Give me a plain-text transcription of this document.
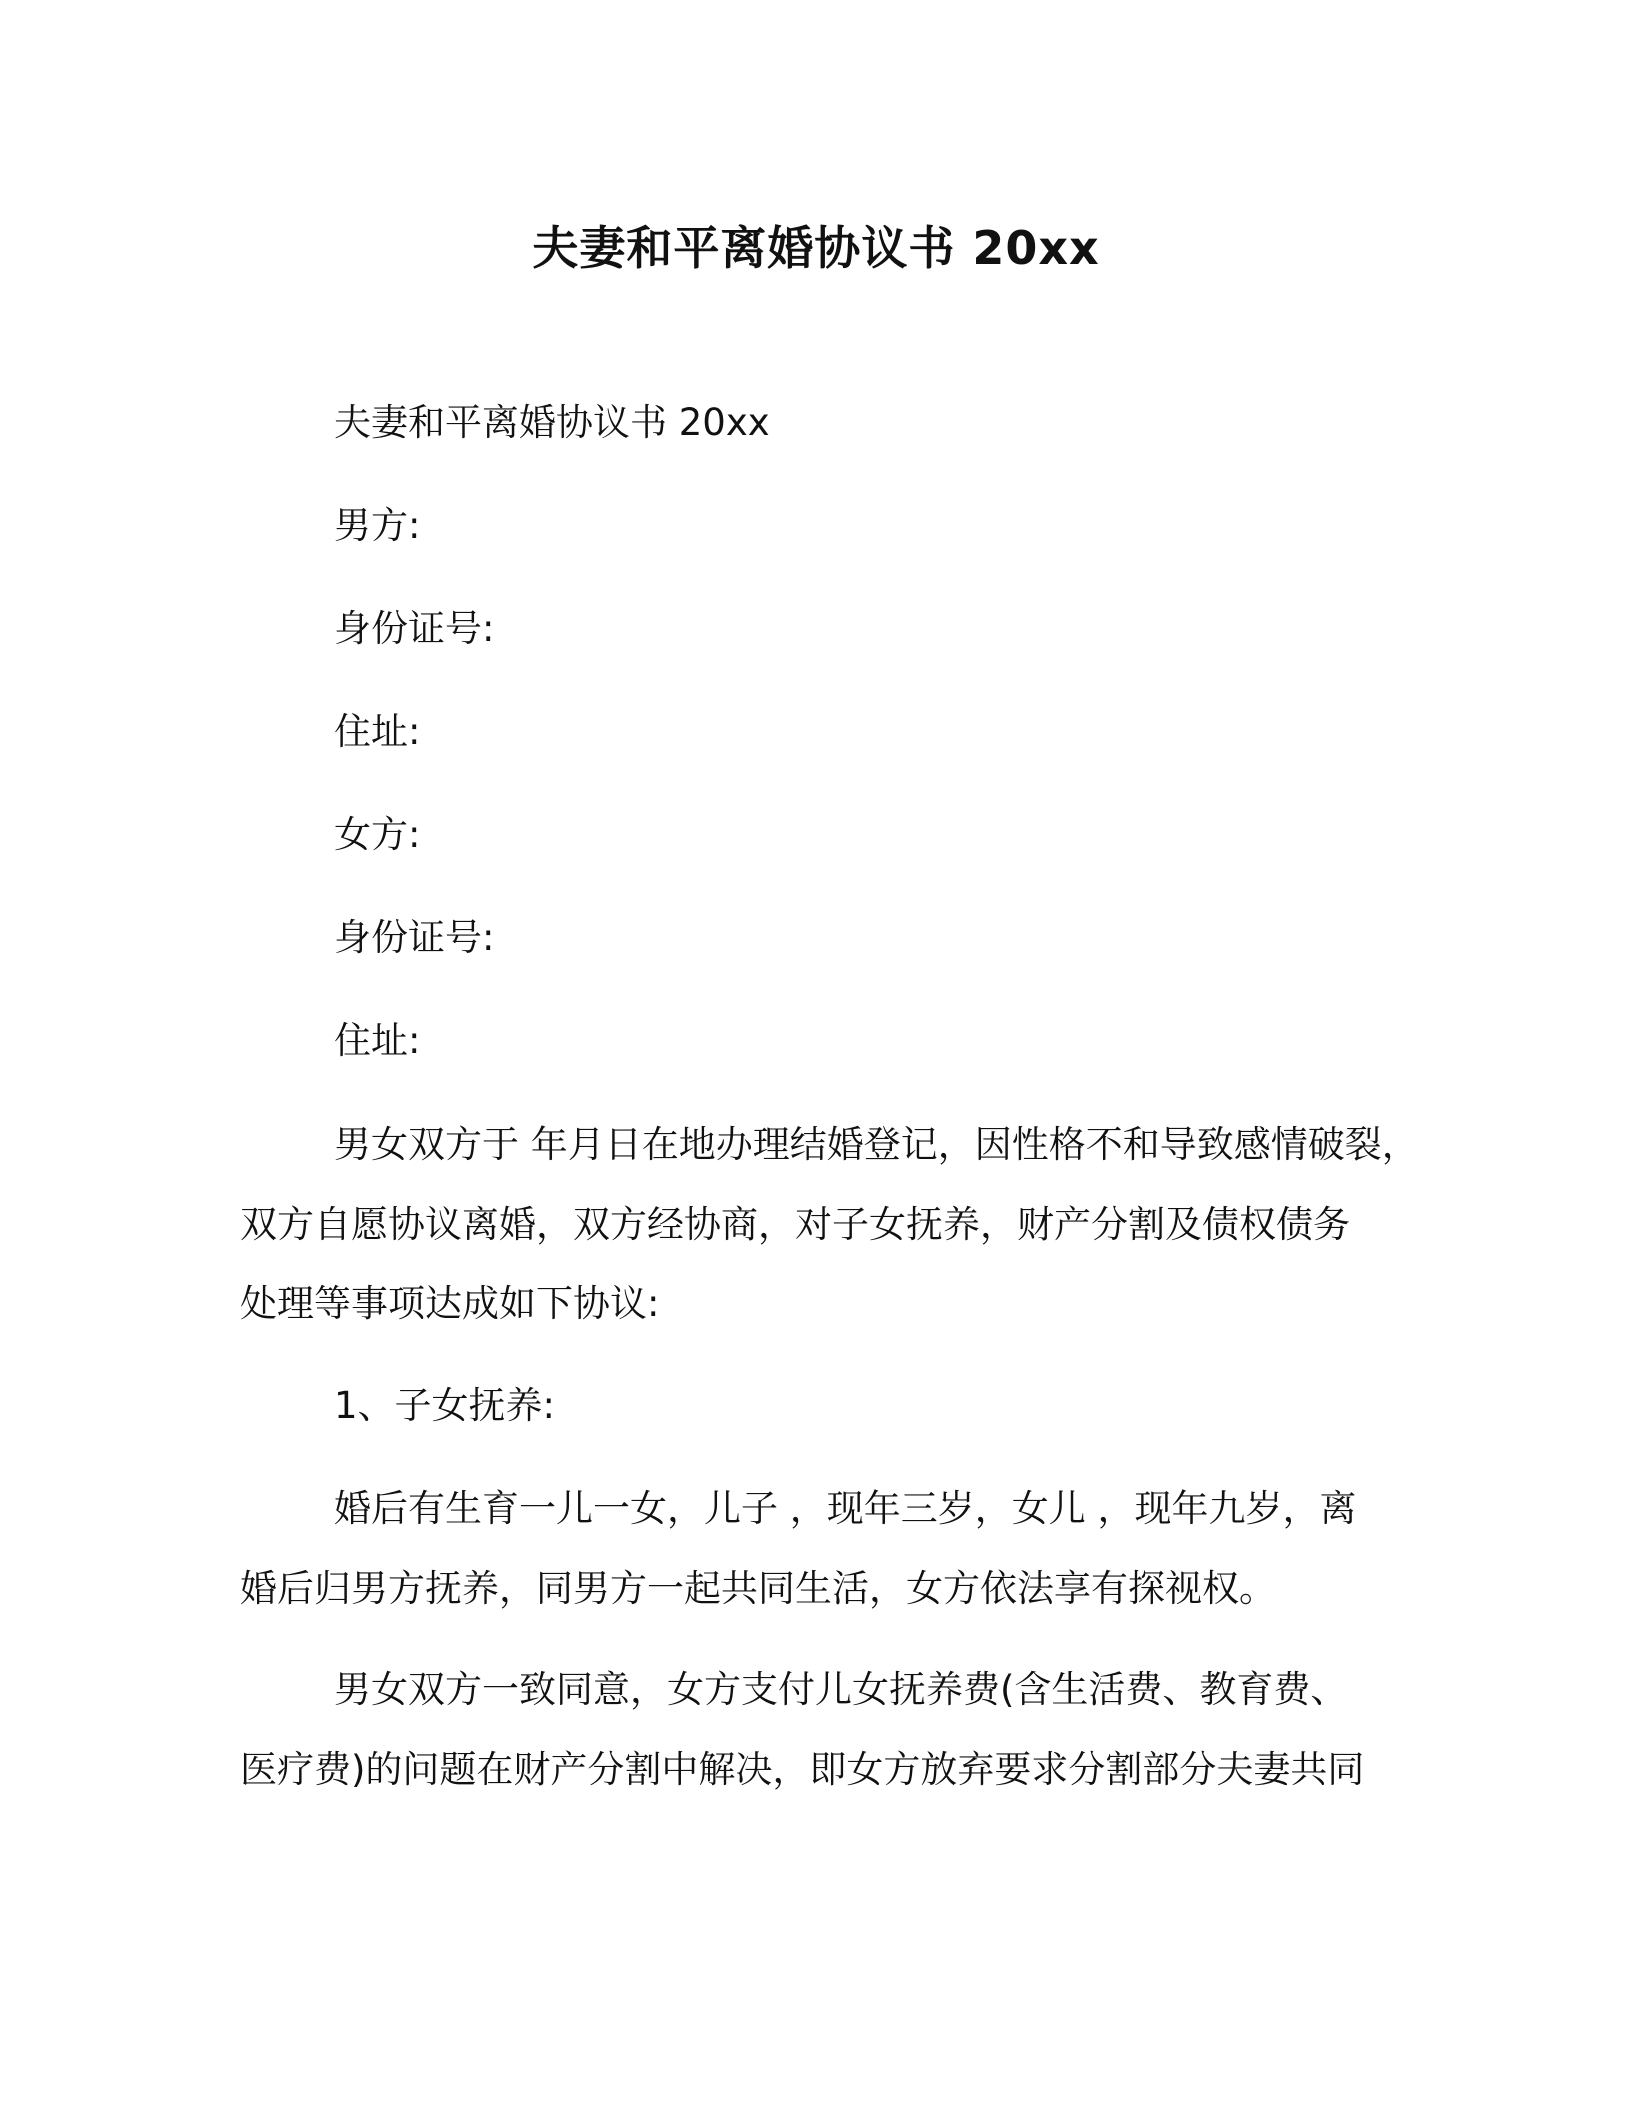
夫妻和平离婚协议书 20xx
夫妻和平离婚协议书 20xx
男方:
身份证号:
住址:
女方:
身份证号:
住址:
男女双方于 年月日在地办理结婚登记，因性格不和导致感情破裂，
双方自愿协议离婚，双方经协商，对子女抚养，财产分割及债权债务
处理等事项达成如下协议:
1、子女抚养:
婚后有生育一儿一女，儿子 ，现年三岁，女儿 ，现年九岁，离
婚后归男方抚养，同男方一起共同生活，女方依法享有探视权。
男女双方一致同意，女方支付儿女抚养费(含生活费、教育费、
医疗费)的问题在财产分割中解决，即女方放弃要求分割部分夫妻共同
